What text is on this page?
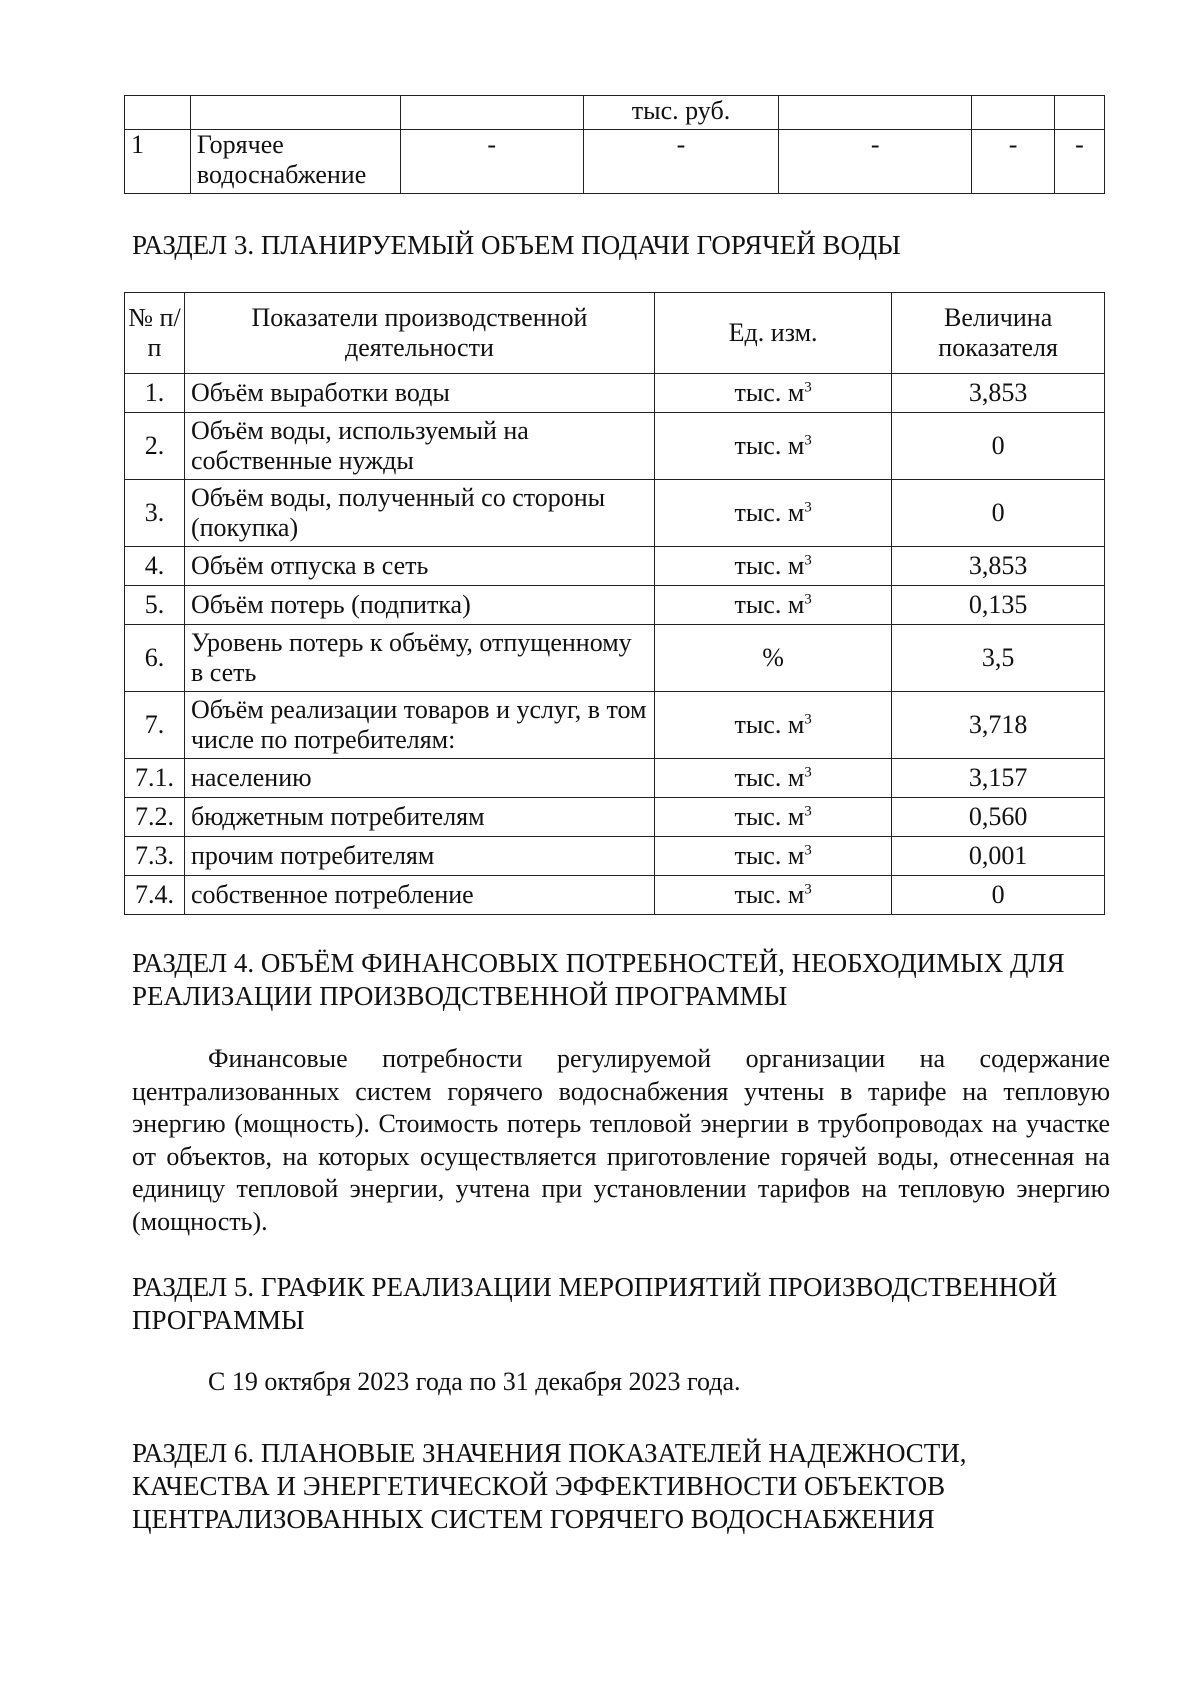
			тыс. руб.			
1	Горячее водоснабжение	-	-	-	-	-
РАЗДЕЛ 3. ПЛАНИРУЕМЫЙ ОБЪЕМ ПОДАЧИ ГОРЯЧЕЙ ВОДЫ
№ п/п	Показатели производственной деятельности	Ед. изм.	Величина показателя
1.	Объём выработки воды	тыс. $м^3$	3,853
2.	Объём воды, используемый на собственные нужды	тыс. $м^3$	0
3.	Объём воды, полученный со стороны (покупка)	тыс. $м^3$	0
4.	Объём отпуска в сеть	тыс. $м^3$	3,853
5.	Объём потерь (подпитка)	тыс. $м^3$	0,135
6.	Уровень потерь к объёму, отпущенному в сеть	%	3,5
7.	Объём реализации товаров и услуг, в том числе по потребителям:	тыс. $м^3$	3,718
7.1.	населению	тыс. $м^3$	3,157
7.2.	бюджетным потребителям	тыс. $м^3$	0,560
7.3.	прочим потребителям	тыс. $м^3$	0,001
7.4.	собственное потребление	тыс. $м^3$	0
РАЗДЕЛ 4. ОБЪЁМ ФИНАНСОВЫХ ПОТРЕБНОСТЕЙ, НЕОБХОДИМЫХ ДЛЯ РЕАЛИЗАЦИИ ПРОИЗВОДСТВЕННОЙ ПРОГРАММЫ

Финансовые потребности регулируемой организации на содержание централизованных систем горячего водоснабжения учтены в тарифе на тепловую энергию (мощность). Стоимость потерь тепловой энергии в трубопроводах на участке от объектов, на которых осуществляется приготовление горячей воды, отнесенная на единицу тепловой энергии, учтена при установлении тарифов на тепловую энергию (мощность).

РАЗДЕЛ 5. ГРАФИК РЕАЛИЗАЦИИ МЕРОПРИЯТИЙ ПРОИЗВОДСТВЕННОЙ ПРОГРАММЫ

С 19 октября 2023 года по 31 декабря 2023 года.

РАЗДЕЛ 6. ПЛАНОВЫЕ ЗНАЧЕНИЯ ПОКАЗАТЕЛЕЙ НАДЕЖНОСТИ, КАЧЕСТВА И ЭНЕРГЕТИЧЕСКОЙ ЭФФЕКТИВНОСТИ ОБЪЕКТОВ ЦЕНТРАЛИЗОВАННЫХ СИСТЕМ ГОРЯЧЕГО ВОДОСНАБЖЕНИЯ
